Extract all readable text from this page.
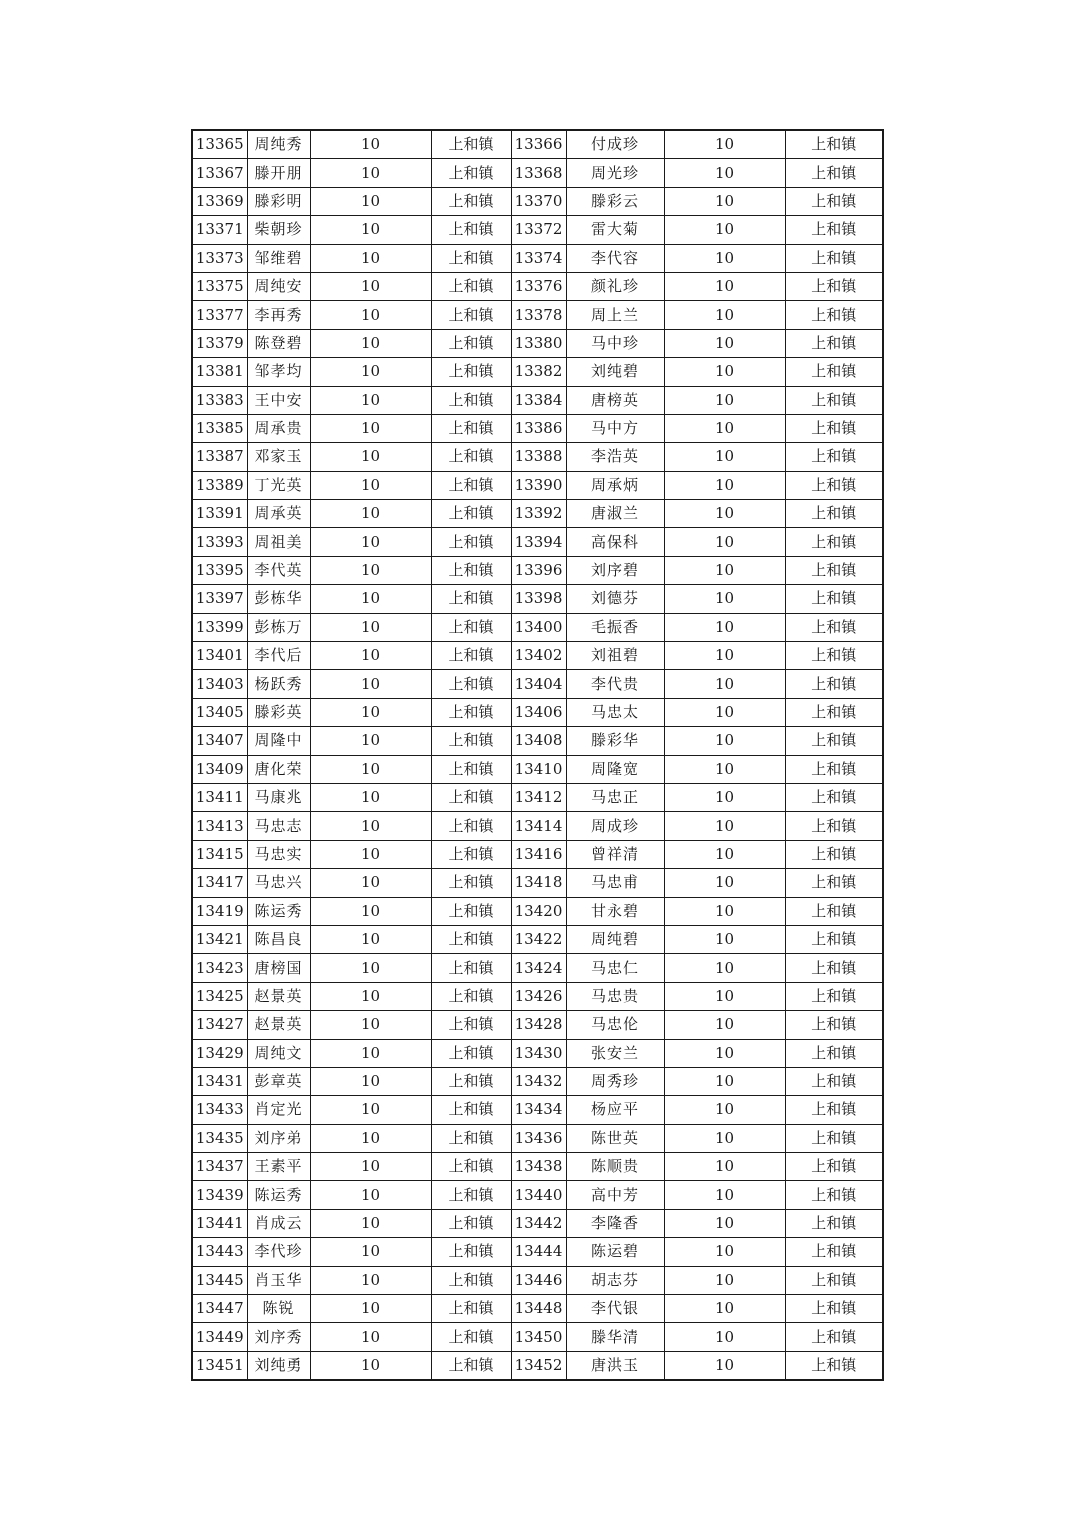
13365	周纯秀	10	上和镇	13366	付成珍	10	上和镇
13367	滕开朋	10	上和镇	13368	周光珍	10	上和镇
13369	滕彩明	10	上和镇	13370	滕彩云	10	上和镇
13371	柴朝珍	10	上和镇	13372	雷大菊	10	上和镇
13373	邹维碧	10	上和镇	13374	李代容	10	上和镇
13375	周纯安	10	上和镇	13376	颜礼珍	10	上和镇
13377	李再秀	10	上和镇	13378	周上兰	10	上和镇
13379	陈登碧	10	上和镇	13380	马中珍	10	上和镇
13381	邹孝均	10	上和镇	13382	刘纯碧	10	上和镇
13383	王中安	10	上和镇	13384	唐榜英	10	上和镇
13385	周承贵	10	上和镇	13386	马中方	10	上和镇
13387	邓家玉	10	上和镇	13388	李浩英	10	上和镇
13389	丁光英	10	上和镇	13390	周承炳	10	上和镇
13391	周承英	10	上和镇	13392	唐淑兰	10	上和镇
13393	周祖美	10	上和镇	13394	高保科	10	上和镇
13395	李代英	10	上和镇	13396	刘序碧	10	上和镇
13397	彭栋华	10	上和镇	13398	刘德芬	10	上和镇
13399	彭栋万	10	上和镇	13400	毛振香	10	上和镇
13401	李代后	10	上和镇	13402	刘祖碧	10	上和镇
13403	杨跃秀	10	上和镇	13404	李代贵	10	上和镇
13405	滕彩英	10	上和镇	13406	马忠太	10	上和镇
13407	周隆中	10	上和镇	13408	滕彩华	10	上和镇
13409	唐化荣	10	上和镇	13410	周隆宽	10	上和镇
13411	马康兆	10	上和镇	13412	马忠正	10	上和镇
13413	马忠志	10	上和镇	13414	周成珍	10	上和镇
13415	马忠实	10	上和镇	13416	曾祥清	10	上和镇
13417	马忠兴	10	上和镇	13418	马忠甫	10	上和镇
13419	陈运秀	10	上和镇	13420	甘永碧	10	上和镇
13421	陈昌良	10	上和镇	13422	周纯碧	10	上和镇
13423	唐榜国	10	上和镇	13424	马忠仁	10	上和镇
13425	赵景英	10	上和镇	13426	马忠贵	10	上和镇
13427	赵景英	10	上和镇	13428	马忠伦	10	上和镇
13429	周纯文	10	上和镇	13430	张安兰	10	上和镇
13431	彭章英	10	上和镇	13432	周秀珍	10	上和镇
13433	肖定光	10	上和镇	13434	杨应平	10	上和镇
13435	刘序弟	10	上和镇	13436	陈世英	10	上和镇
13437	王素平	10	上和镇	13438	陈顺贵	10	上和镇
13439	陈运秀	10	上和镇	13440	高中芳	10	上和镇
13441	肖成云	10	上和镇	13442	李隆香	10	上和镇
13443	李代珍	10	上和镇	13444	陈运碧	10	上和镇
13445	肖玉华	10	上和镇	13446	胡志芬	10	上和镇
13447	陈锐	10	上和镇	13448	李代银	10	上和镇
13449	刘序秀	10	上和镇	13450	滕华清	10	上和镇
13451	刘纯勇	10	上和镇	13452	唐洪玉	10	上和镇
